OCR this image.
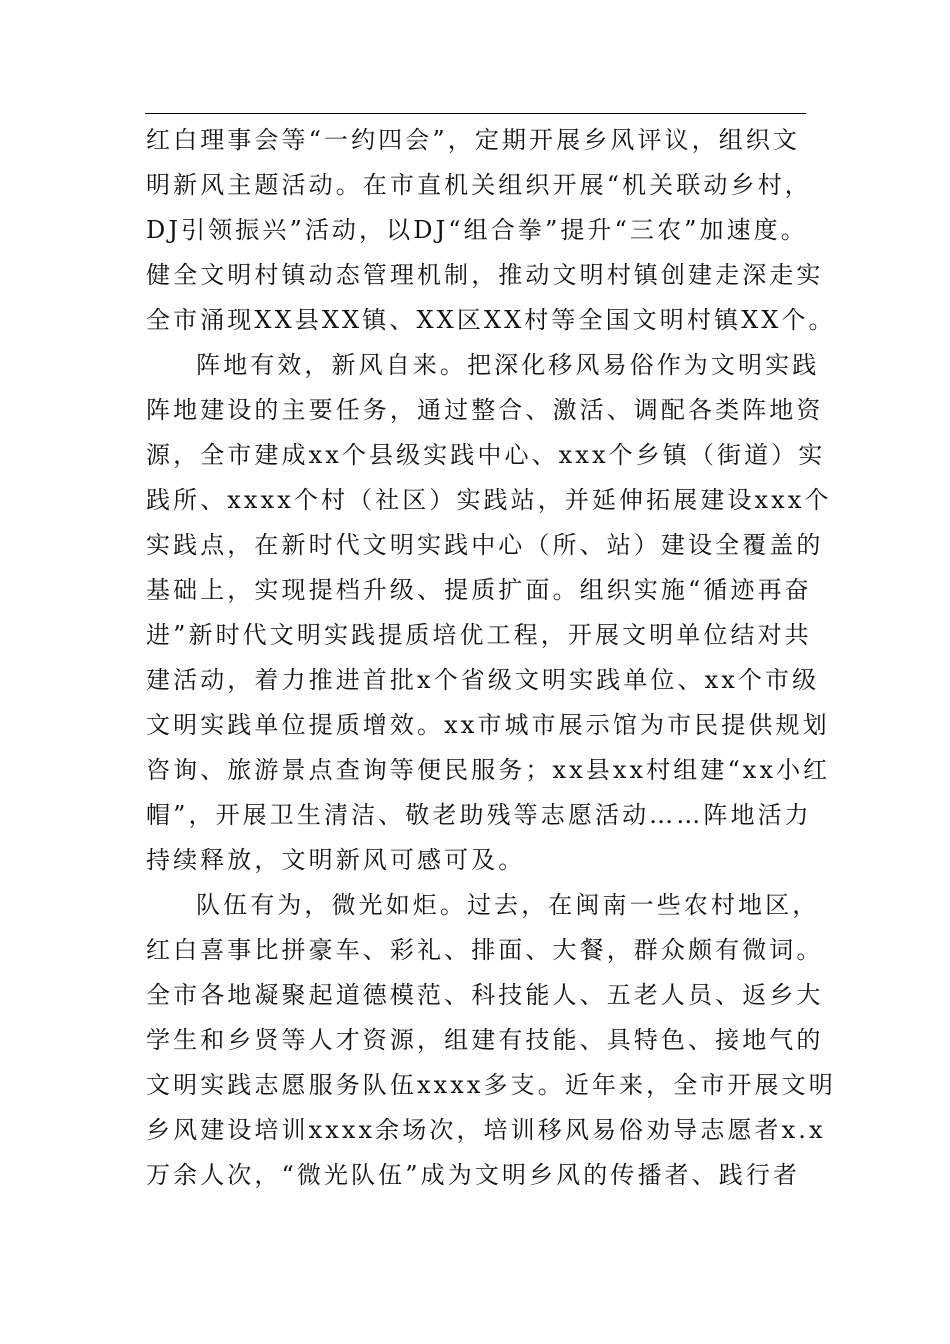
红白理事会等“一约四会”，定期开展乡风评议，组织文
明新风主题活动。在市直机关组织开展“机关联动乡村，
DJ引领振兴”活动，以DJ“组合拳”提升“三农”加速度。
健全文明村镇动态管理机制，推动文明村镇创建走深走实
全市涌现XX县XX镇、XX区XX村等全国文明村镇XX个。
阵地有效，新风自来。把深化移风易俗作为文明实践
阵地建设的主要任务，通过整合、激活、调配各类阵地资
源，全市建成xx个县级实践中心、xxx个乡镇（街道）实
践所、xxxx个村（社区）实践站，并延伸拓展建设xxx个
实践点，在新时代文明实践中心（所、站）建设全覆盖的
基础上，实现提档升级、提质扩面。组织实施“循迹再奋
进”新时代文明实践提质培优工程，开展文明单位结对共
建活动，着力推进首批x个省级文明实践单位、xx个市级
文明实践单位提质增效。xx市城市展示馆为市民提供规划
咨询、旅游景点查询等便民服务；xx县xx村组建“xx小红
帽”，开展卫生清洁、敬老助残等志愿活动……阵地活力
持续释放，文明新风可感可及。
队伍有为，微光如炬。过去，在闽南一些农村地区，
红白喜事比拼豪车、彩礼、排面、大餐，群众颇有微词。
全市各地凝聚起道德模范、科技能人、五老人员、返乡大
学生和乡贤等人才资源，组建有技能、具特色、接地气的
文明实践志愿服务队伍xxxx多支。近年来，全市开展文明
乡风建设培训xxxx余场次，培训移风易俗劝导志愿者x.x
万余人次，“微光队伍”成为文明乡风的传播者、践行者
